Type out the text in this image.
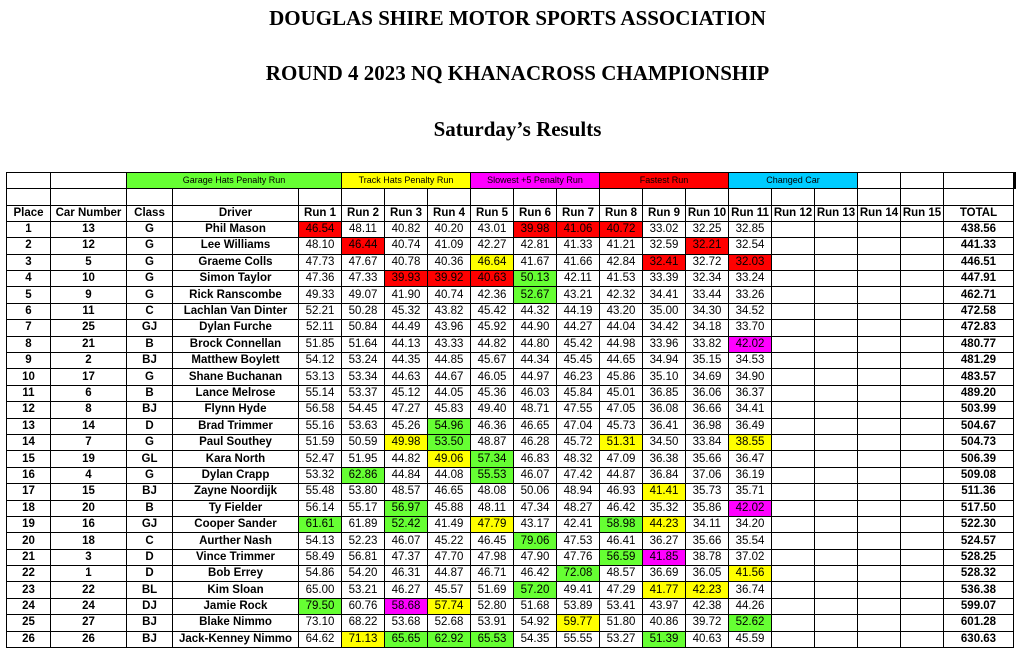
DOUGLAS SHIRE MOTOR SPORTS ASSOCIATION
ROUND 4 2023 NQ KHANACROSS CHAMPIONSHIP
Saturday’s Results
		Garage Hats Penalty Run			Track Hats Penalty Run			Slowest +5 Penalty Run			Fastest Run			Changed Car						

Place	Car Number	Class	Driver	Run 1	Run 2	Run 3	Run 4	Run 5	Run 6	Run 7	Run 8	Run 9	Run 10	Run 11	Run 12	Run 13	Run 14	Run 15	TOTAL	
1	13	G	Phil Mason	46.54	48.11	40.82	40.20	43.01	39.98	41.06	40.72	33.02	32.25	32.85					438.56	
2	12	G	Lee Williams	48.10	46.44	40.74	41.09	42.27	42.81	41.33	41.21	32.59	32.21	32.54					441.33	
3	5	G	Graeme Colls	47.73	47.67	40.78	40.36	46.64	41.67	41.66	42.84	32.41	32.72	32.03					446.51	
4	10	G	Simon Taylor	47.36	47.33	39.93	39.92	40.63	50.13	42.11	41.53	33.39	32.34	33.24					447.91	
5	9	G	Rick Ranscombe	49.33	49.07	41.90	40.74	42.36	52.67	43.21	42.32	34.41	33.44	33.26					462.71	
6	11	C	Lachlan Van Dinter	52.21	50.28	45.32	43.82	45.42	44.32	44.19	43.20	35.00	34.30	34.52					472.58	
7	25	GJ	Dylan Furche	52.11	50.84	44.49	43.96	45.92	44.90	44.27	44.04	34.42	34.18	33.70					472.83	
8	21	B	Brock Connellan	51.85	51.64	44.13	43.33	44.82	44.80	45.42	44.98	33.96	33.82	42.02					480.77	
9	2	BJ	Matthew Boylett	54.12	53.24	44.35	44.85	45.67	44.34	45.45	44.65	34.94	35.15	34.53					481.29	
10	17	G	Shane Buchanan	53.13	53.34	44.63	44.67	46.05	44.97	46.23	45.86	35.10	34.69	34.90					483.57	
11	6	B	Lance Melrose	55.14	53.37	45.12	44.05	45.36	46.03	45.84	45.01	36.85	36.06	36.37					489.20	
12	8	BJ	Flynn Hyde	56.58	54.45	47.27	45.83	49.40	48.71	47.55	47.05	36.08	36.66	34.41					503.99	
13	14	D	Brad Trimmer	55.16	53.63	45.26	54.96	46.36	46.65	47.04	45.73	36.41	36.98	36.49					504.67	
14	7	G	Paul Southey	51.59	50.59	49.98	53.50	48.87	46.28	45.72	51.31	34.50	33.84	38.55					504.73	
15	19	GL	Kara North	52.47	51.95	44.82	49.06	57.34	46.83	48.32	47.09	36.38	35.66	36.47					506.39	
16	4	G	Dylan Crapp	53.32	62.86	44.84	44.08	55.53	46.07	47.42	44.87	36.84	37.06	36.19					509.08	
17	15	BJ	Zayne Noordijk	55.48	53.80	48.57	46.65	48.08	50.06	48.94	46.93	41.41	35.73	35.71					511.36	
18	20	B	Ty Fielder	56.14	55.17	56.97	45.88	48.11	47.34	48.27	46.42	35.32	35.86	42.02					517.50	
19	16	GJ	Cooper Sander	61.61	61.89	52.42	41.49	47.79	43.17	42.41	58.98	44.23	34.11	34.20					522.30	
20	18	C	Aurther Nash	54.13	52.23	46.07	45.22	46.45	79.06	47.53	46.41	36.27	35.66	35.54					524.57	
21	3	D	Vince Trimmer	58.49	56.81	47.37	47.70	47.98	47.90	47.76	56.59	41.85	38.78	37.02					528.25	
22	1	D	Bob Errey	54.86	54.20	46.31	44.87	46.71	46.42	72.08	48.57	36.69	36.05	41.56					528.32	
23	22	BL	Kim Sloan	65.00	53.21	46.27	45.57	51.69	57.20	49.41	47.29	41.77	42.23	36.74					536.38	
24	24	DJ	Jamie Rock	79.50	60.76	58.68	57.74	52.80	51.68	53.89	53.41	43.97	42.38	44.26					599.07	
25	27	BJ	Blake Nimmo	73.10	68.22	53.68	52.68	53.91	54.92	59.77	51.80	40.86	39.72	52.62					601.28	
26	26	BJ	Jack-Kenney Nimmo	64.62	71.13	65.65	62.92	65.53	54.35	55.55	53.27	51.39	40.63	45.59					630.63	
